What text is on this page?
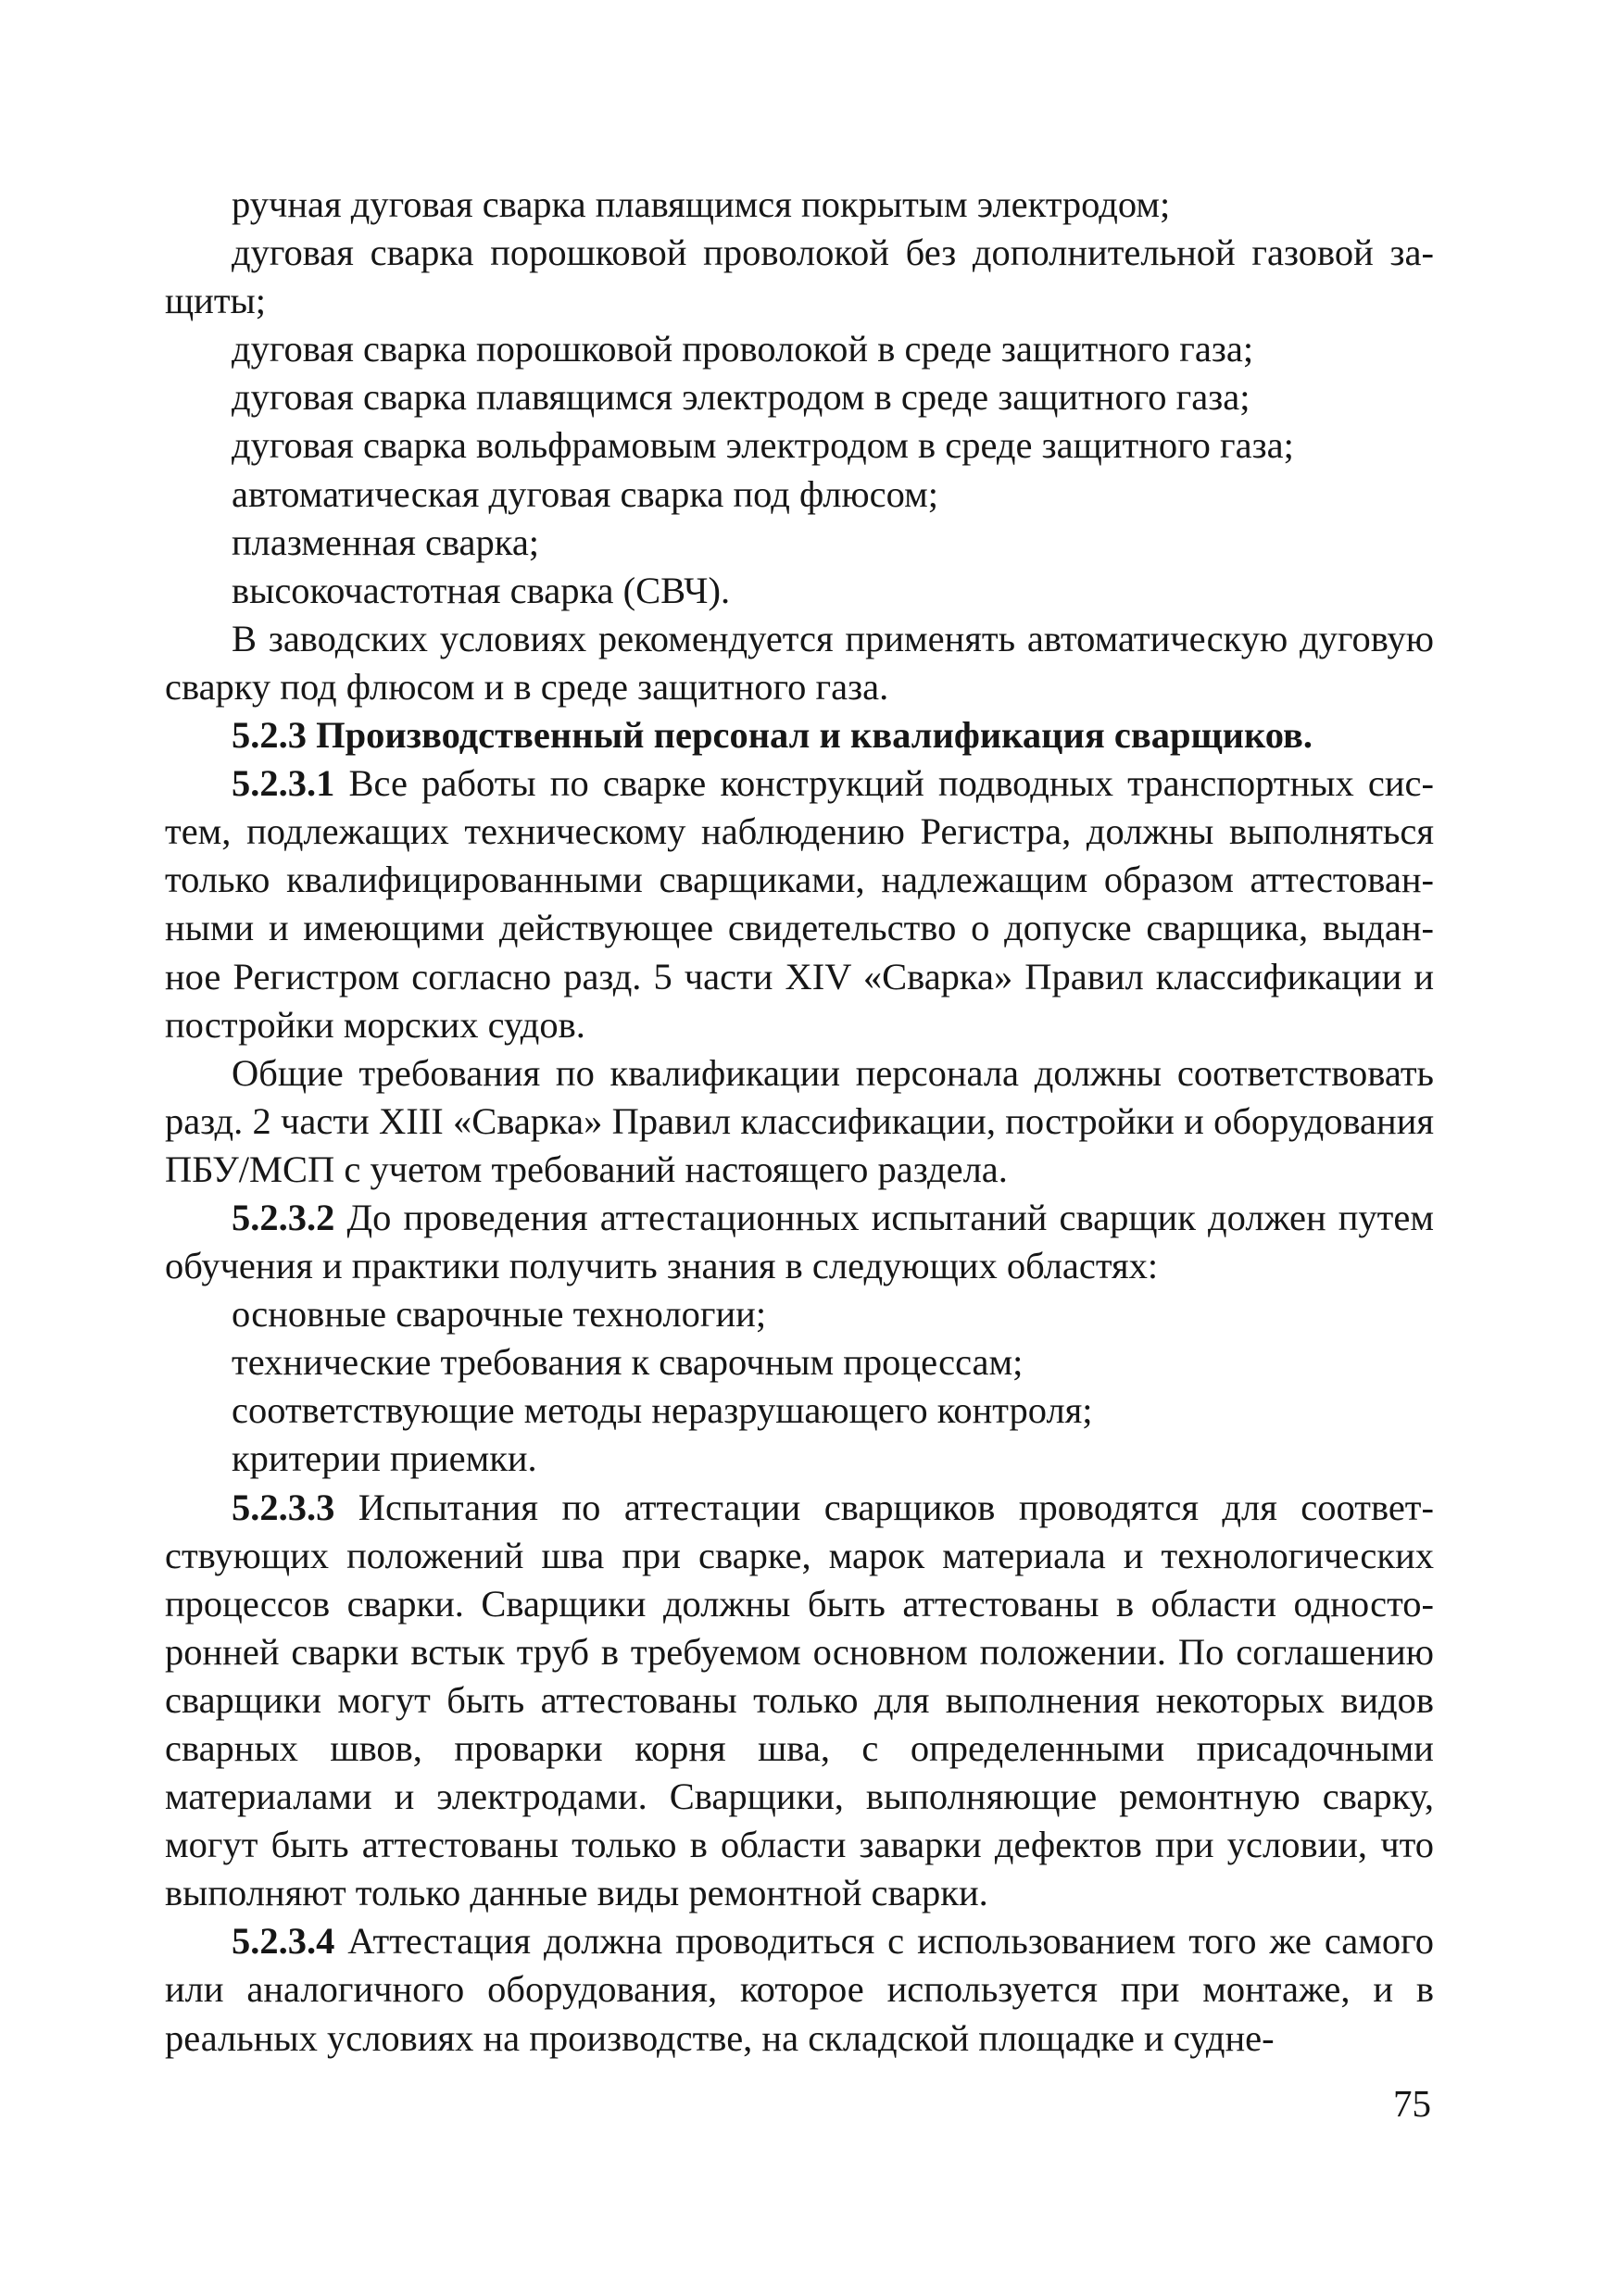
ручная дуговая сварка плавящимся покрытым электродом;

дуговая сварка порошковой проволокой без дополнительной газовой защиты;

дуговая сварка порошковой проволокой в среде защитного газа;

дуговая сварка плавящимся электродом в среде защитного газа;

дуговая сварка вольфрамовым электродом в среде защитного газа;

автоматическая дуговая сварка под флюсом;

плазменная сварка;

высокочастотная сварка (СВЧ).

В заводских условиях рекомендуется применять автоматическую дуговую сварку под флюсом и в среде защитного газа.

5.2.3 Производственный персонал и квалификация сварщиков.

5.2.3.1 Все работы по сварке конструкций подводных транспортных систем, подлежащих техническому наблюдению Регистра, должны выполняться только квалифицированными сварщиками, надлежащим образом аттестованными и имеющими действующее свидетельство о допуске сварщика, выданное Регистром согласно разд. 5 части XIV «Сварка» Правил классификации и постройки морских судов.

Общие требования по квалификации персонала должны соответствовать разд. 2 части XIII «Сварка» Правил классификации, постройки и оборудования ПБУ/МСП с учетом требований настоящего раздела.

5.2.3.2 До проведения аттестационных испытаний сварщик должен путем обучения и практики получить знания в следующих областях:

основные сварочные технологии;

технические требования к сварочным процессам;

соответствующие методы неразрушающего контроля;

критерии приемки.

5.2.3.3 Испытания по аттестации сварщиков проводятся для соответствующих положений шва при сварке, марок материала и технологических процессов сварки. Сварщики должны быть аттестованы в области односторонней сварки встык труб в требуемом основном положении. По соглашению сварщики могут быть аттестованы только для выполнения некоторых видов сварных швов, проварки корня шва, с определенными присадочными материалами и электродами. Сварщики, выполняющие ремонтную сварку, могут быть аттестованы только в области заварки дефектов при условии, что выполняют только данные виды ремонтной сварки.

5.2.3.4 Аттестация должна проводиться с использованием того же самого или аналогичного оборудования, которое используется при монтаже, и в реальных условиях на производстве, на складской площадке и судне-

75
